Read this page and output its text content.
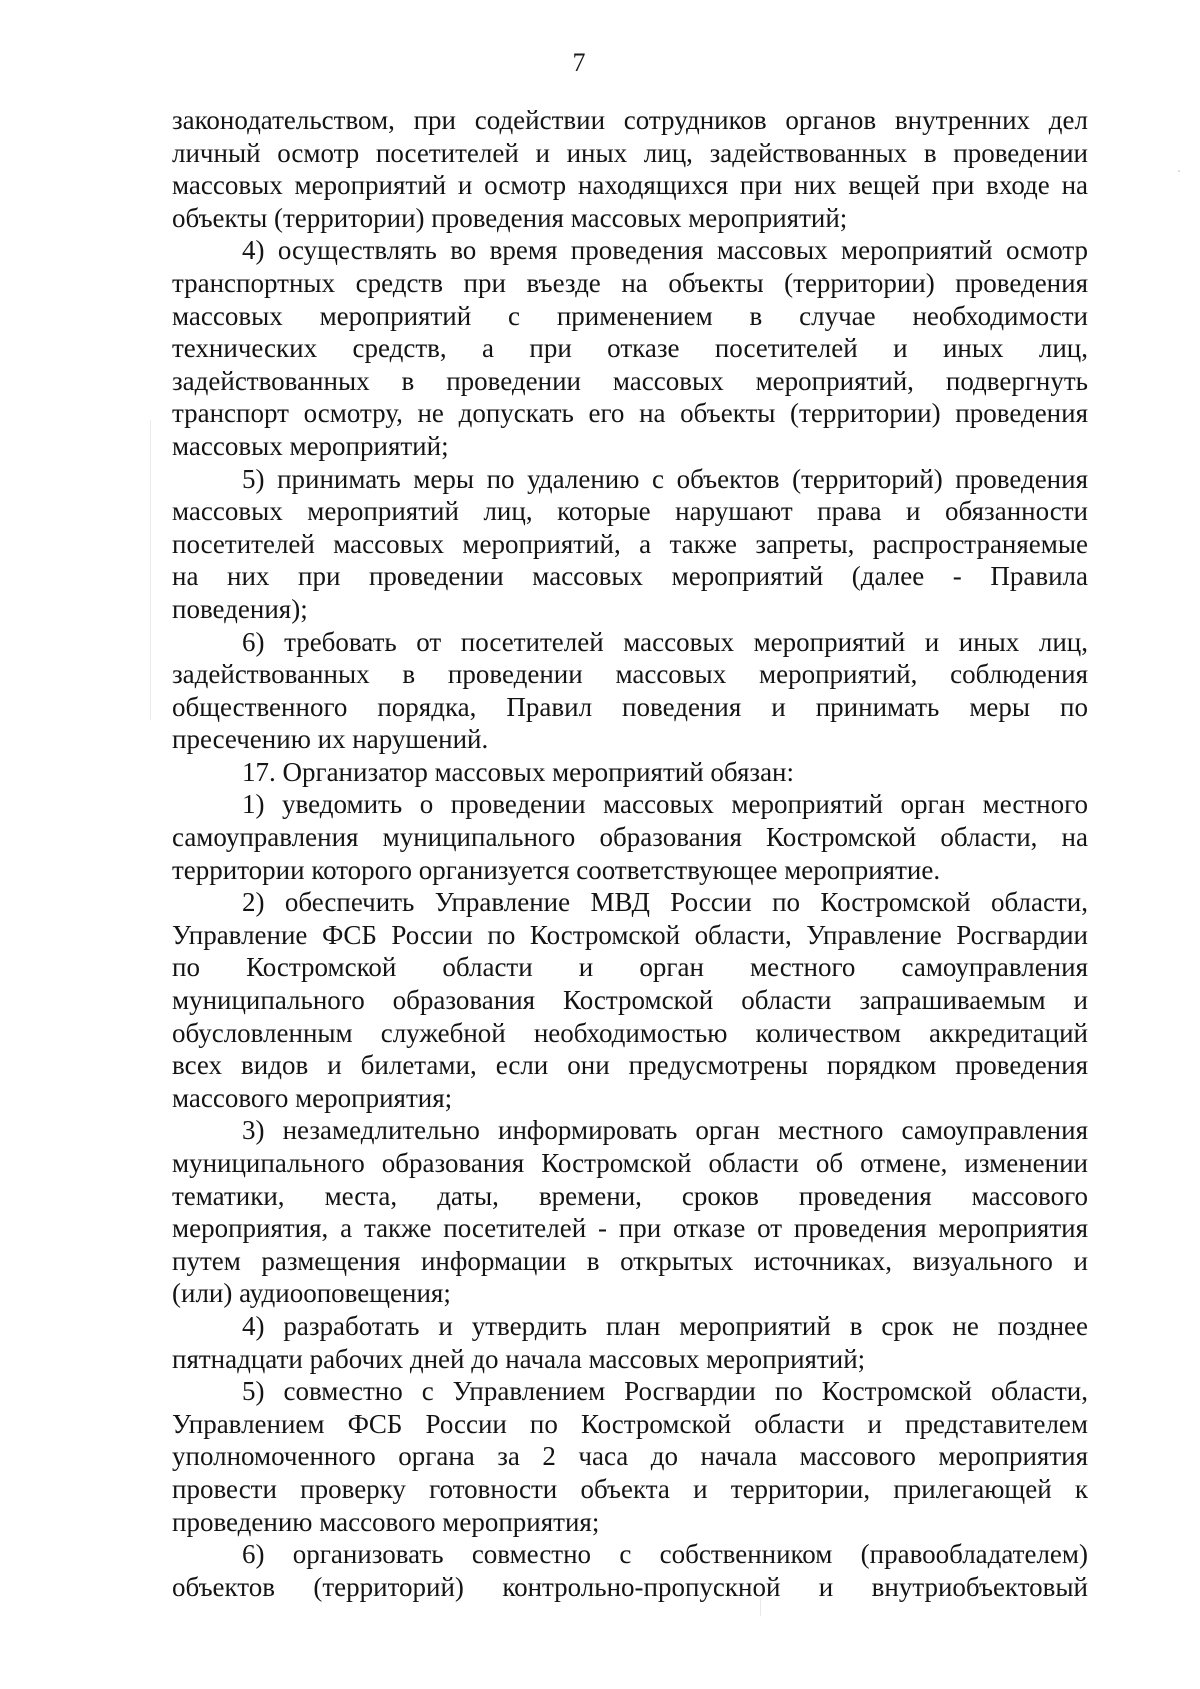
7
законодательством, при содействии сотрудников органов внутренних дел
личный осмотр посетителей и иных лиц, задействованных в проведении
массовых мероприятий и осмотр находящихся при них вещей при входе на
объекты (территории) проведения массовых мероприятий;
4) осуществлять во время проведения массовых мероприятий осмотр
транспортных средств при въезде на объекты (территории) проведения
массовых мероприятий с применением в случае необходимости
технических средств, а при отказе посетителей и иных лиц,
задействованных в проведении массовых мероприятий, подвергнуть
транспорт осмотру, не допускать его на объекты (территории) проведения
массовых мероприятий;
5) принимать меры по удалению с объектов (территорий) проведения
массовых мероприятий лиц, которые нарушают права и обязанности
посетителей массовых мероприятий, а также запреты, распространяемые
на них при проведении массовых мероприятий (далее - Правила
поведения);
6) требовать от посетителей массовых мероприятий и иных лиц,
задействованных в проведении массовых мероприятий, соблюдения
общественного порядка, Правил поведения и принимать меры по
пресечению их нарушений.
17. Организатор массовых мероприятий обязан:
1) уведомить о проведении массовых мероприятий орган местного
самоуправления муниципального образования Костромской области, на
территории которого организуется соответствующее мероприятие.
2) обеспечить Управление МВД России по Костромской области,
Управление ФСБ России по Костромской области, Управление Росгвардии
по Костромской области и орган местного самоуправления
муниципального образования Костромской области запрашиваемым и
обусловленным служебной необходимостью количеством аккредитаций
всех видов и билетами, если они предусмотрены порядком проведения
массового мероприятия;
3) незамедлительно информировать орган местного самоуправления
муниципального образования Костромской области об отмене, изменении
тематики, места, даты, времени, сроков проведения массового
мероприятия, а также посетителей - при отказе от проведения мероприятия
путем размещения информации в открытых источниках, визуального и
(или) аудиооповещения;
4) разработать и утвердить план мероприятий в срок не позднее
пятнадцати рабочих дней до начала массовых мероприятий;
5) совместно с Управлением Росгвардии по Костромской области,
Управлением ФСБ России по Костромской области и представителем
уполномоченного органа за 2 часа до начала массового мероприятия
провести проверку готовности объекта и территории, прилегающей к
проведению массового мероприятия;
6) организовать совместно с собственником (правообладателем)
объектов (территорий) контрольно-пропускной и внутриобъектовый
